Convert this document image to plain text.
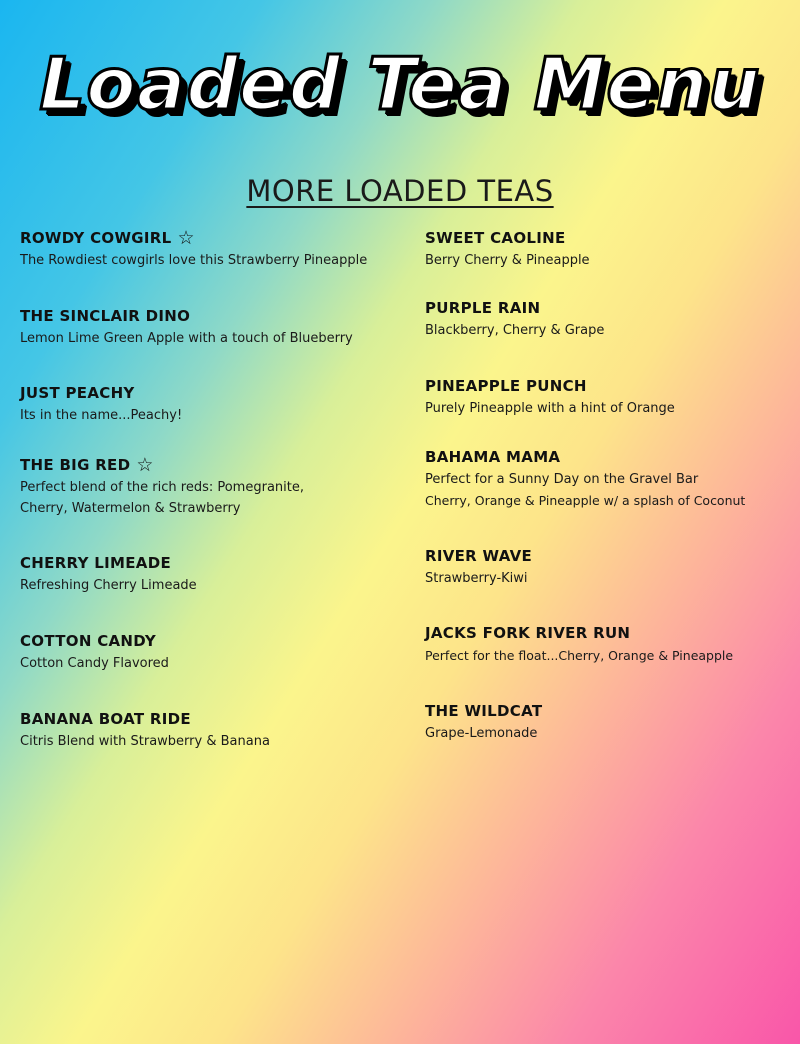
Loaded Tea Menu
MORE LOADED TEAS
ROWDY COWGIRL ☆
The Rowdiest cowgirls love this Strawberry Pineapple
THE SINCLAIR DINO
Lemon Lime Green Apple with a touch of Blueberry
JUST PEACHY
Its in the name...Peachy!
THE BIG RED ☆
Perfect blend of the rich reds: Pomegranite,
Cherry, Watermelon & Strawberry
CHERRY LIMEADE
Refreshing Cherry Limeade
COTTON CANDY
Cotton Candy Flavored
BANANA BOAT RIDE
Citris Blend with Strawberry & Banana
SWEET CAOLINE
Berry Cherry & Pineapple
PURPLE RAIN
Blackberry, Cherry & Grape
PINEAPPLE PUNCH
Purely Pineapple with a hint of Orange
BAHAMA MAMA
Perfect for a Sunny Day on the Gravel Bar
Cherry, Orange & Pineapple w/ a splash of Coconut
RIVER WAVE
Strawberry-Kiwi
JACKS FORK RIVER RUN
Perfect for the float...Cherry, Orange & Pineapple
THE WILDCAT
Grape-Lemonade
